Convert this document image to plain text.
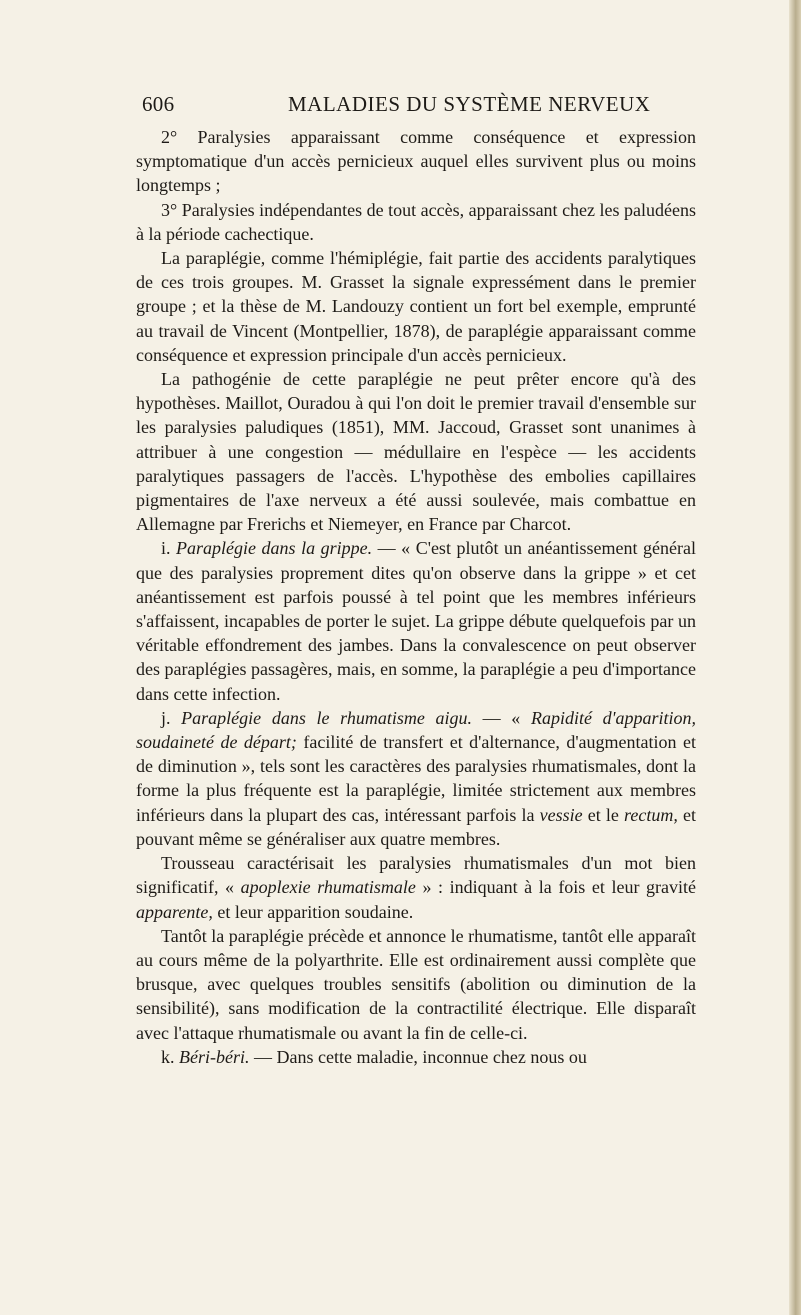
606	MALADIES DU SYSTÈME NERVEUX

2° Paralysies apparaissant comme conséquence et expression symptomatique d'un accès pernicieux auquel elles survivent plus ou moins longtemps ;

3° Paralysies indépendantes de tout accès, apparaissant chez les paludéens à la période cachectique.

La paraplégie, comme l'hémiplégie, fait partie des accidents paralytiques de ces trois groupes. M. Grasset la signale expressément dans le premier groupe ; et la thèse de M. Landouzy contient un fort bel exemple, emprunté au travail de Vincent (Montpellier, 1878), de paraplégie apparaissant comme conséquence et expression principale d'un accès pernicieux.

La pathogénie de cette paraplégie ne peut prêter encore qu'à des hypothèses. Maillot, Ouradou à qui l'on doit le premier travail d'ensemble sur les paralysies paludiques (1851), MM. Jaccoud, Grasset sont unanimes à attribuer à une congestion — médullaire en l'espèce — les accidents paralytiques passagers de l'accès. L'hypothèse des embolies capillaires pigmentaires de l'axe nerveux a été aussi soulevée, mais combattue en Allemagne par Frerichs et Niemeyer, en France par Charcot.

i. Paraplégie dans la grippe. — « C'est plutôt un anéantissement général que des paralysies proprement dites qu'on observe dans la grippe » et cet anéantissement est parfois poussé à tel point que les membres inférieurs s'affaissent, incapables de porter le sujet. La grippe débute quelquefois par un véritable effondrement des jambes. Dans la convalescence on peut observer des paraplégies passagères, mais, en somme, la paraplégie a peu d'importance dans cette infection.

j. Paraplégie dans le rhumatisme aigu. — « Rapidité d'apparition, soudaineté de départ; facilité de transfert et d'alternance, d'augmentation et de diminution », tels sont les caractères des paralysies rhumatismales, dont la forme la plus fréquente est la paraplégie, limitée strictement aux membres inférieurs dans la plupart des cas, intéressant parfois la vessie et le rectum, et pouvant même se généraliser aux quatre membres.

Trousseau caractérisait les paralysies rhumatismales d'un mot bien significatif, « apoplexie rhumatismale » : indiquant à la fois et leur gravité apparente, et leur apparition soudaine.

Tantôt la paraplégie précède et annonce le rhumatisme, tantôt elle apparaît au cours même de la polyarthrite. Elle est ordinairement aussi complète que brusque, avec quelques troubles sensitifs (abolition ou diminution de la sensibilité), sans modification de la contractilité électrique. Elle disparaît avec l'attaque rhumatismale ou avant la fin de celle-ci.

k. Béri-béri. — Dans cette maladie, inconnue chez nous ou
